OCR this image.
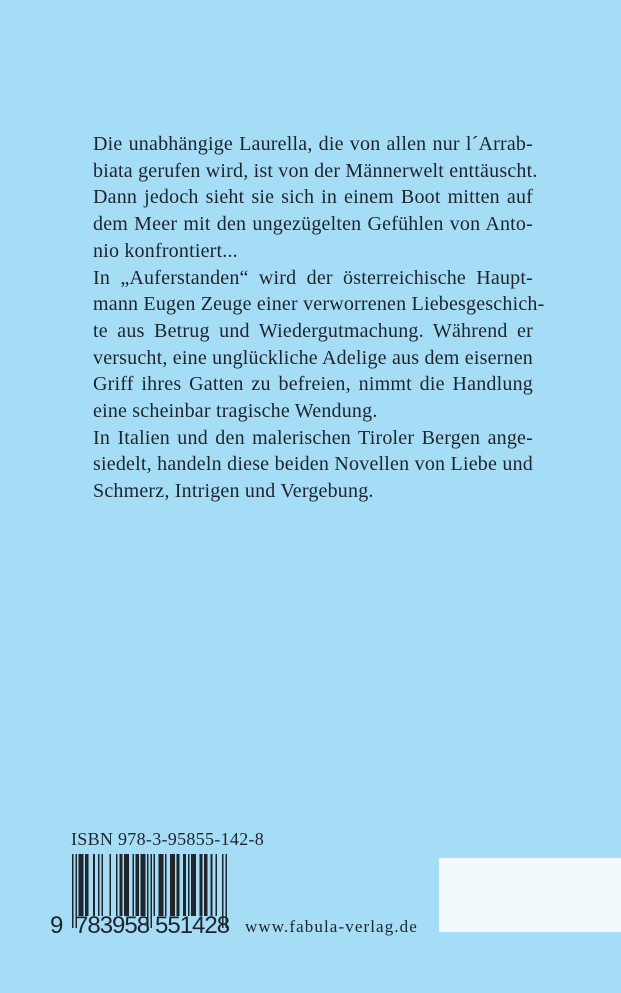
Die unabhängige Laurella, die von allen nur l´Arrab-
biata gerufen wird, ist von der Männerwelt enttäuscht.
Dann jedoch sieht sie sich in einem Boot mitten auf
dem Meer mit den ungezügelten Gefühlen von Anto-
nio konfrontiert...
In „Auferstanden“ wird der österreichische Haupt-
mann Eugen Zeuge einer verworrenen Liebesgeschich-
te aus Betrug und Wiedergutmachung. Während er
versucht, eine unglückliche Adelige aus dem eisernen
Griff ihres Gatten zu befreien, nimmt die Handlung
eine scheinbar tragische Wendung.
In Italien und den malerischen Tiroler Bergen ange-
siedelt, handeln diese beiden Novellen von Liebe und
Schmerz, Intrigen und Vergebung.
ISBN 978-3-95855-142-8
9 783958 551428 www.fabula-verlag.de
